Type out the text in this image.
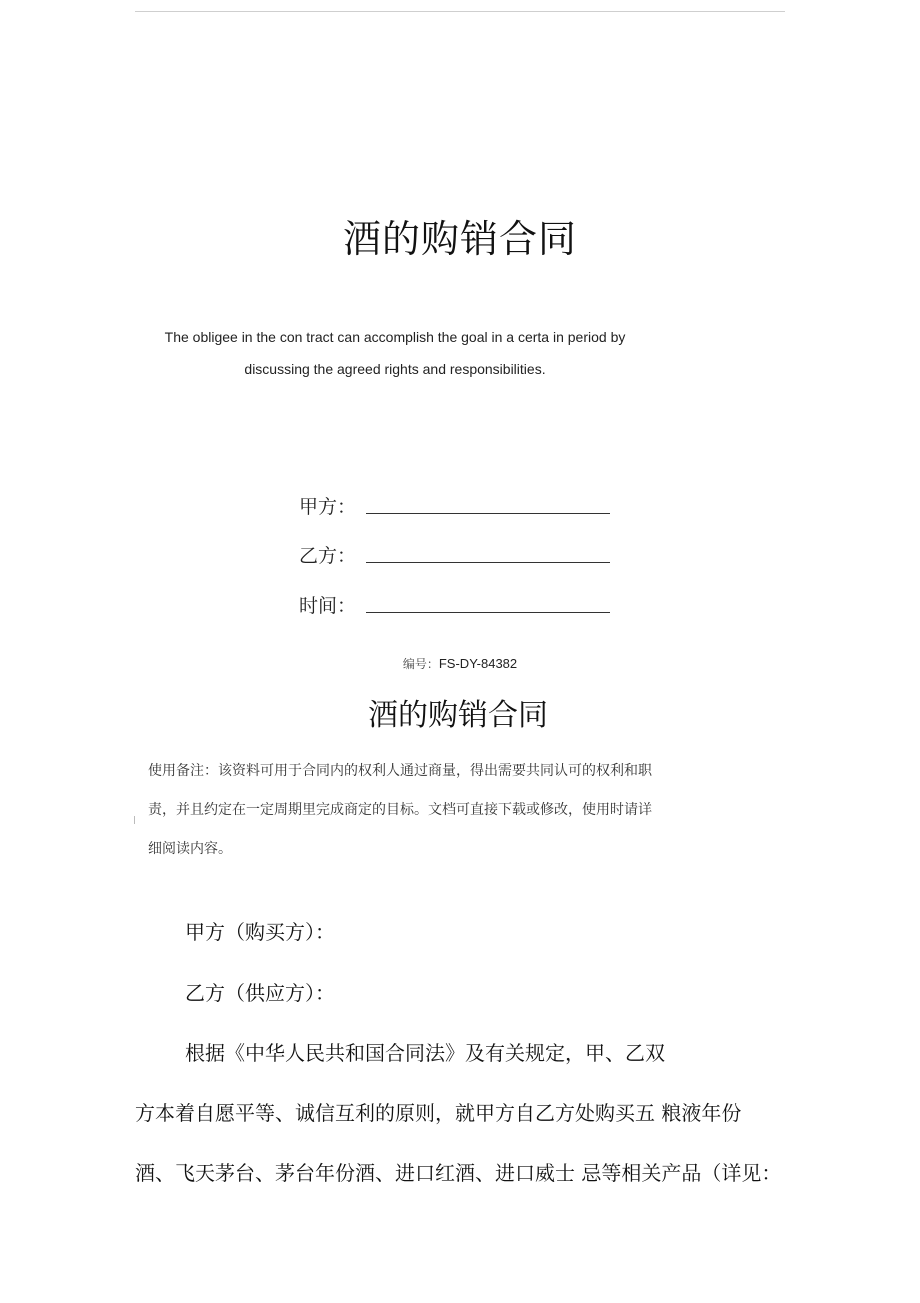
酒的购销合同
The obligee in the con tract can accomplish the goal in a certa in period by
discussing the agreed rights and responsibilities.
甲方：
乙方：
时间：
编号：FS-DY-84382
酒的购销合同
使用备注：该资料可用于合同内的权利人通过商量，得出需要共同认可的权利和职
责，并且约定在一定周期里完成商定的目标。文档可直接下载或修改，使用时请详
细阅读内容。
甲方（购买方）：
乙方（供应方）：
根据《中华人民共和国合同法》及有关规定，甲、乙双
方本着自愿平等、诚信互利的原则，就甲方自乙方处购买五 粮液年份
酒、飞天茅台、茅台年份酒、进口红酒、进口威士 忌等相关产品（详见：
